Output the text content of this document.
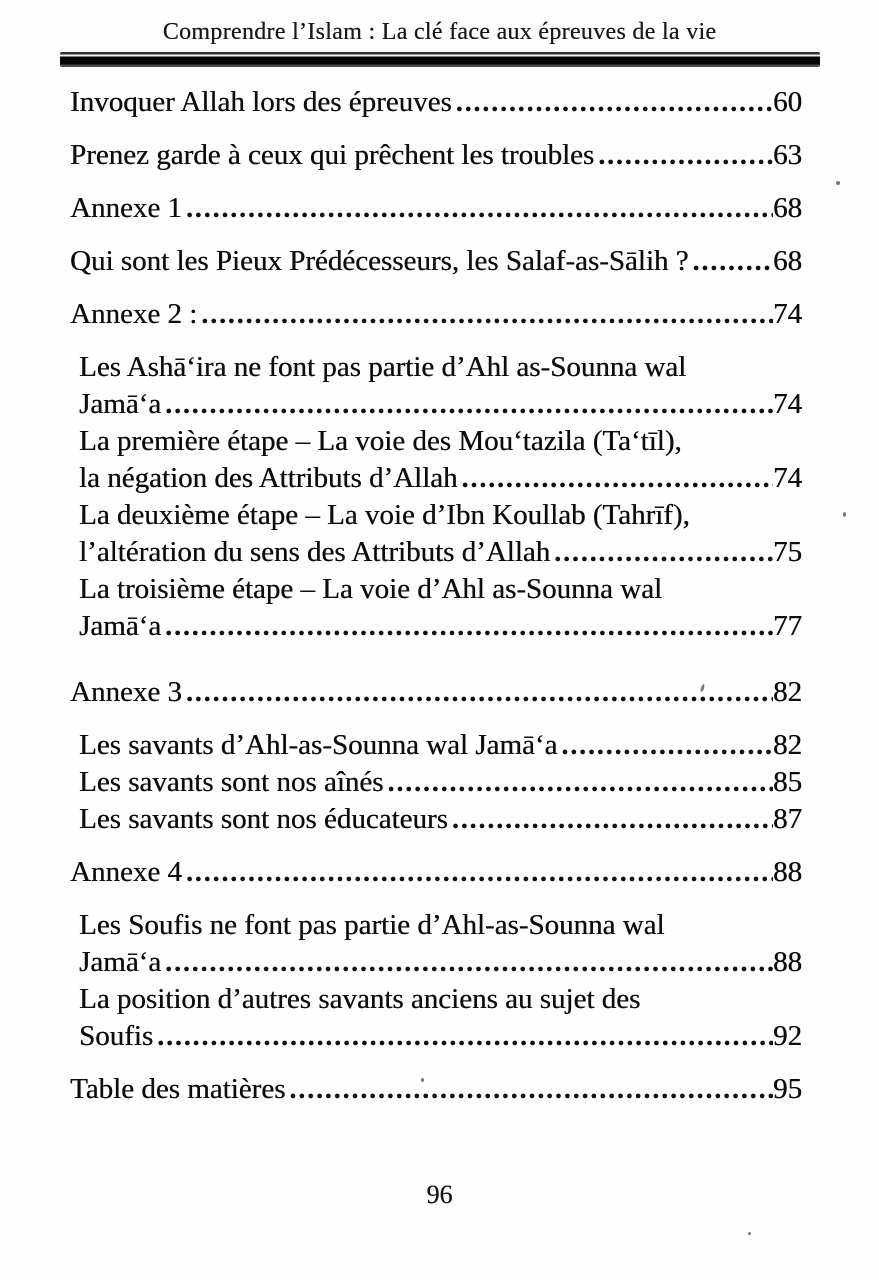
Comprendre l’Islam : La clé face aux épreuves de la vie
Invoquer Allah lors des épreuves .....	60
Prenez garde à ceux qui prêchent les troubles .....	63
Annexe 1 .....	68
Qui sont les Pieux Prédécesseurs, les Salaf-as-Sālih ? .....	68
Annexe 2 : .....	74
Les Ashā‘ira ne font pas partie d’Ahl as-Sounna wal
Jamā‘a .....	74
La première étape – La voie des Mou‘tazila (Ta‘tīl),
la négation des Attributs d’Allah .....	74
La deuxième étape – La voie d’Ibn Koullab (Tahrīf),
l’altération du sens des Attributs d’Allah .....	75
La troisième étape – La voie d’Ahl as-Sounna wal
Jamā‘a .....	77
Annexe 3 .....	82
Les savants d’Ahl-as-Sounna wal Jamā‘a .....	82
Les savants sont nos aînés .....	85
Les savants sont nos éducateurs .....	87
Annexe 4 .....	88
Les Soufis ne font pas partie d’Ahl-as-Sounna wal
Jamā‘a .....	88
La position d’autres savants anciens au sujet des
Soufis .....	92
Table des matières .....	95
96
